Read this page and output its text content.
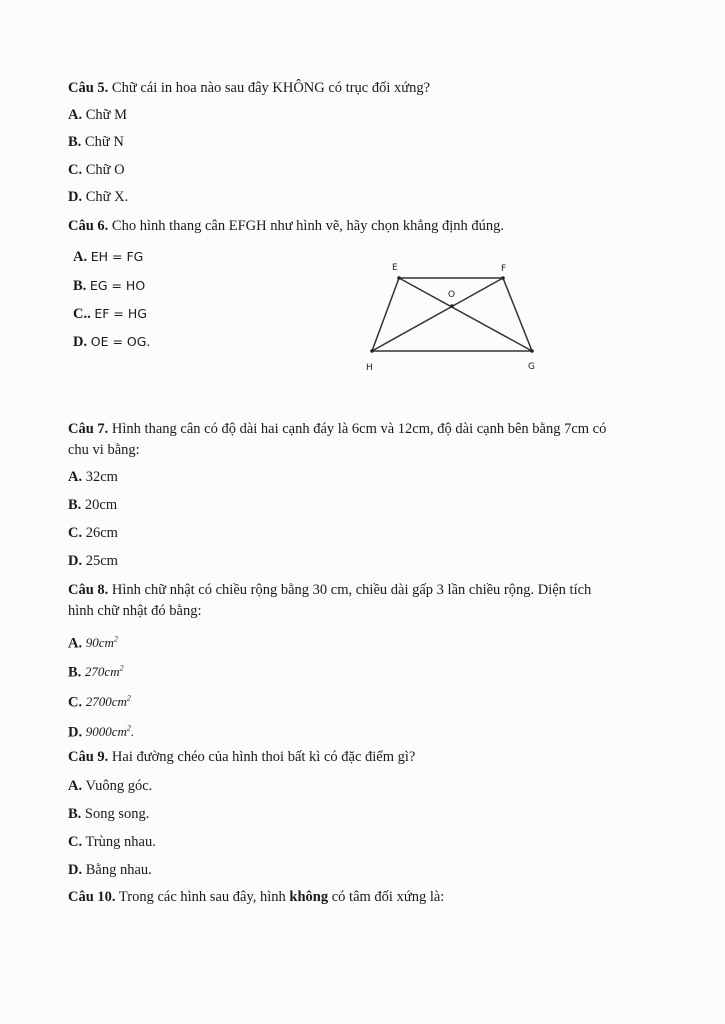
Câu 5. Chữ cái in hoa nào sau đây KHÔNG có trục đối xứng?
A. Chữ M
B. Chữ N
C. Chữ O
D. Chữ X.
Câu 6. Cho hình thang cân EFGH như hình vẽ, hãy chọn khẳng định đúng.
A. EH = FG
B. EG = HO
C.. EF = HG
D. OE = OG.
E	F
O
H	G
Câu 7. Hình thang cân có độ dài hai cạnh đáy là 6cm và 12cm, độ dài cạnh bên bằng 7cm có
chu vi bằng:
A. 32cm
B. 20cm
C. 26cm
D. 25cm
Câu 8. Hình chữ nhật có chiều rộng bằng 30 cm, chiều dài gấp 3 lần chiều rộng. Diện tích
hình chữ nhật đó bằng:
A. $90cm^2$
B. $270cm^2$
C. $2700cm^2$
D. $9000cm^2$.
Câu 9. Hai đường chéo của hình thoi bất kì có đặc điểm gì?
A. Vuông góc.
B. Song song.
C. Trùng nhau.
D. Bằng nhau.
Câu 10. Trong các hình sau đây, hình không có tâm đối xứng là:
